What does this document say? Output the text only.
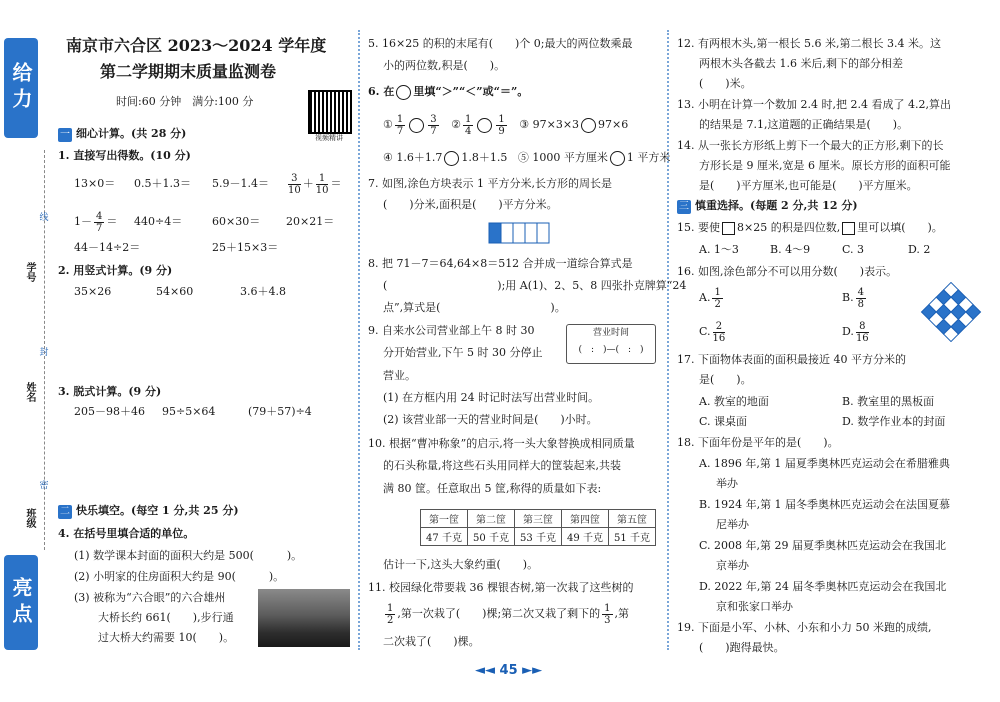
给力
亮点
线
封
密
学号
姓名
班级
南京市六合区 2023～2024 学年度
第二学期期末质量监测卷
时间:60 分钟　满分:100 分
视频精讲
一 细心计算。(共 28 分)
1. 直接写出得数。(10 分)
$13\times 0= 0.5+1.3= 5.9-1.4= \frac{3}{10} + \frac{1}{10}$ ＝
$1- \frac{4}{7} = 440\div 4=$	60×30＝ 20×21＝
44－14÷2＝	25＋15×3＝
2. 用竖式计算。(9 分)
35×26	54×60	3.6＋4.8
3. 脱式计算。(9 分)
205－98＋46 95÷5×64	(79＋57)÷4
二 快乐填空。(每空 1 分,共 25 分)
4. 在括号里填合适的单位。
(1) 数学课本封面的面积大约是 500(　　　)。
(2) 小明家的住房面积大约是 90(　　　)。
(3) 被称为“六合眼”的六合雄州
大桥长约 661(　　),步行通
过大桥大约需要 10(　　)。
5. 16×25 的积的末尾有(　　)个 0;最大的两位数乘最
小的两位数,积是(　　)。
6. 在 里填“＞”“＜”或“＝”。
① $\frac{1}{7} \frac{3}{7}$ ② $\frac{1}{4} \frac{1}{9}$ ③ 97×3×3 97×6
④ 1.6＋1.7 1.8＋1.5 ⑤ 1000 平方厘米 1 平方米
7. 如图,涂色方块表示 1 平方分米,长方形的周长是
(　　)分米,面积是(　　)平方分米。
8. 把 71－7＝64,64×8＝512 合并成一道综合算式是
(　　　　　　　　　　);用 A(1)、2、5、8 四张扑克牌算“24
点”,算式是(　　　　　　　　　　)。
9. 自来水公司营业部上午 8 时 30
分开始营业,下午 5 时 30 分停止
营业。
营业时间
(　:　)—(　:　)
(1) 在方框内用 24 时记时法写出营业时间。
(2) 该营业部一天的营业时间是(　　)小时。
10. 根据“曹冲称象”的启示,将一头大象替换成相同质量
的石头称量,将这些石头用同样大的筐装起来,共装
满 80 筐。任意取出 5 筐,称得的质量如下表:
第一筐	第二筐	第三筐	第四筐	第五筐
47 千克	50 千克	53 千克	49 千克	51 千克
估计一下,这头大象约重(　　)。
11. 校园绿化带要栽 36 棵银杏树,第一次栽了这些树的
$\frac{1}{2}$ ,第一次栽了(　　)棵;第二次又栽了剩下的 $\frac{1}{3}$ ,第
二次栽了(　　)棵。
12. 有两根木头,第一根长 5.6 米,第二根长 3.4 米。这
两根木头各截去 1.6 米后,剩下的部分相差
(　　)米。
13. 小明在计算一个数加 2.4 时,把 2.4 看成了 4.2,算出
的结果是 7.1,这道题的正确结果是(　　)。
14. 从一张长方形纸上剪下一个最大的正方形,剩下的长
方形长是 9 厘米,宽是 6 厘米。原长方形的面积可能
是(　　)平方厘米,也可能是(　　)平方厘米。
三 慎重选择。(每题 2 分,共 12 分)
15. 要使 8×25 的积是四位数, 里可以填(　　)。
A. 1～3	B. 4～9	C. 3	D. 2
16. 如图,涂色部分不可以用分数(　　)表示。
A. $\frac{1}{2}$	B. $\frac{4}{8}$
C. $\frac{2}{16}$	D. $\frac{8}{16}$
17. 下面物体表面的面积最接近 40 平方分米的
是(　　)。
A. 教室的地面	B. 教室里的黑板面
C. 课桌面	D. 数学作业本的封面
18. 下面年份是平年的是(　　)。
A. 1896 年,第 1 届夏季奥林匹克运动会在希腊雅典
举办
B. 1924 年,第 1 届冬季奥林匹克运动会在法国夏慕
尼举办
C. 2008 年,第 29 届夏季奥林匹克运动会在我国北
京举办
D. 2022 年,第 24 届冬季奥林匹克运动会在我国北
京和张家口举办
19. 下面是小军、小林、小东和小力 50 米跑的成绩,
(　　)跑得最快。
◄◄ 45 ►►
